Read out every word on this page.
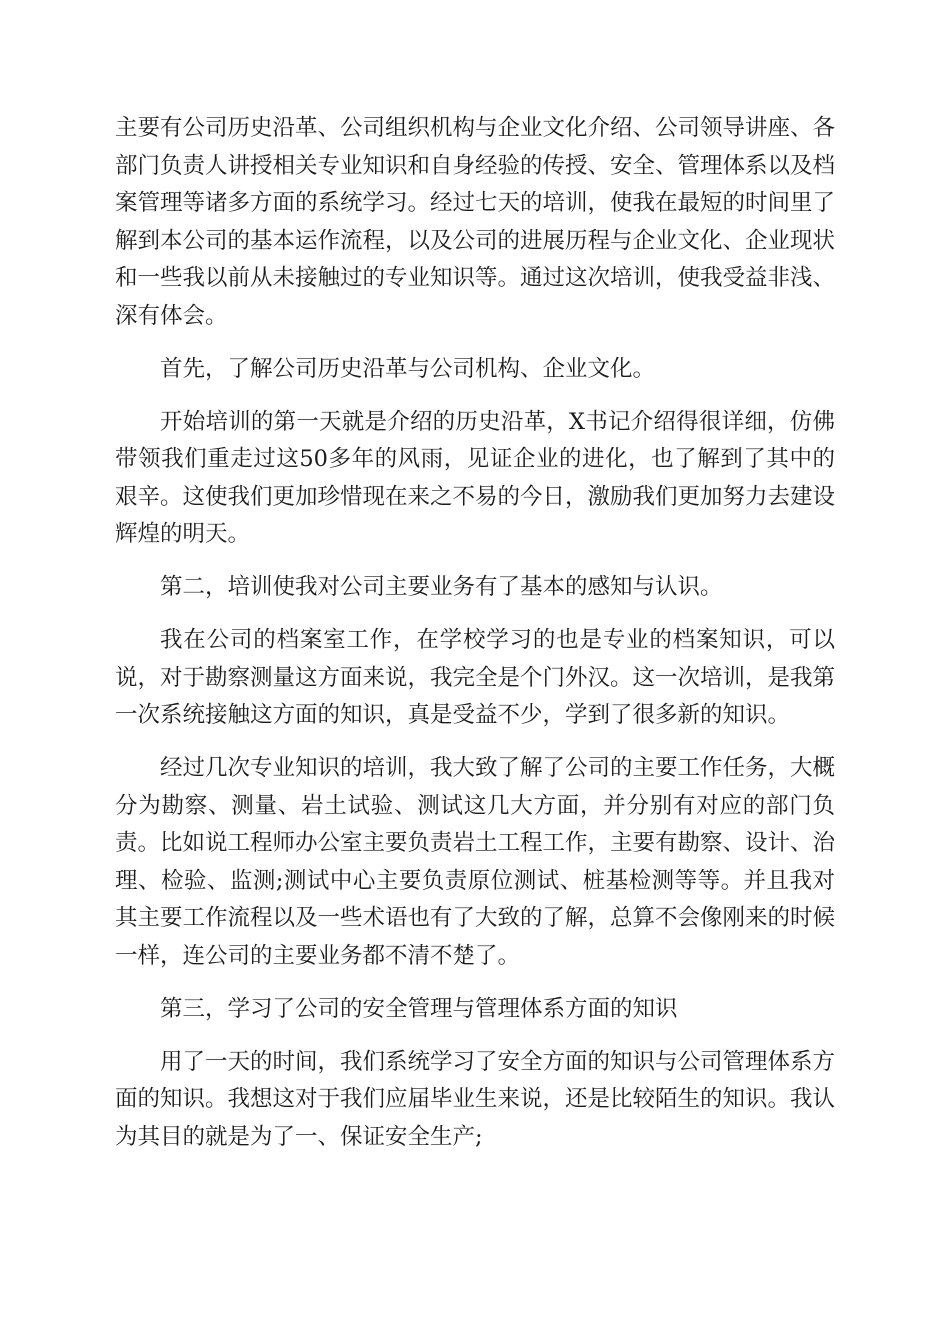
主要有公司历史沿革、公司组织机构与企业文化介绍、公司领导讲座、各部门负责人讲授相关专业知识和自身经验的传授、安全、管理体系以及档案管理等诸多方面的系统学习。经过七天的培训，使我在最短的时间里了解到本公司的基本运作流程，以及公司的进展历程与企业文化、企业现状和一些我以前从未接触过的专业知识等。通过这次培训，使我受益非浅、深有体会。

首先，了解公司历史沿革与公司机构、企业文化。

开始培训的第一天就是介绍的历史沿革，X书记介绍得很详细，仿佛带领我们重走过这50多年的风雨，见证企业的进化，也了解到了其中的艰辛。这使我们更加珍惜现在来之不易的今日，激励我们更加努力去建设辉煌的明天。

第二，培训使我对公司主要业务有了基本的感知与认识。

我在公司的档案室工作，在学校学习的也是专业的档案知识，可以说，对于勘察测量这方面来说，我完全是个门外汉。这一次培训，是我第一次系统接触这方面的知识，真是受益不少，学到了很多新的知识。

经过几次专业知识的培训，我大致了解了公司的主要工作任务，大概分为勘察、测量、岩土试验、测试这几大方面，并分别有对应的部门负责。比如说工程师办公室主要负责岩土工程工作，主要有勘察、设计、治理、检验、监测;测试中心主要负责原位测试、桩基检测等等。并且我对其主要工作流程以及一些术语也有了大致的了解，总算不会像刚来的时候一样，连公司的主要业务都不清不楚了。

第三，学习了公司的安全管理与管理体系方面的知识

用了一天的时间，我们系统学习了安全方面的知识与公司管理体系方面的知识。我想这对于我们应届毕业生来说，还是比较陌生的知识。我认为其目的就是为了一、保证安全生产;
